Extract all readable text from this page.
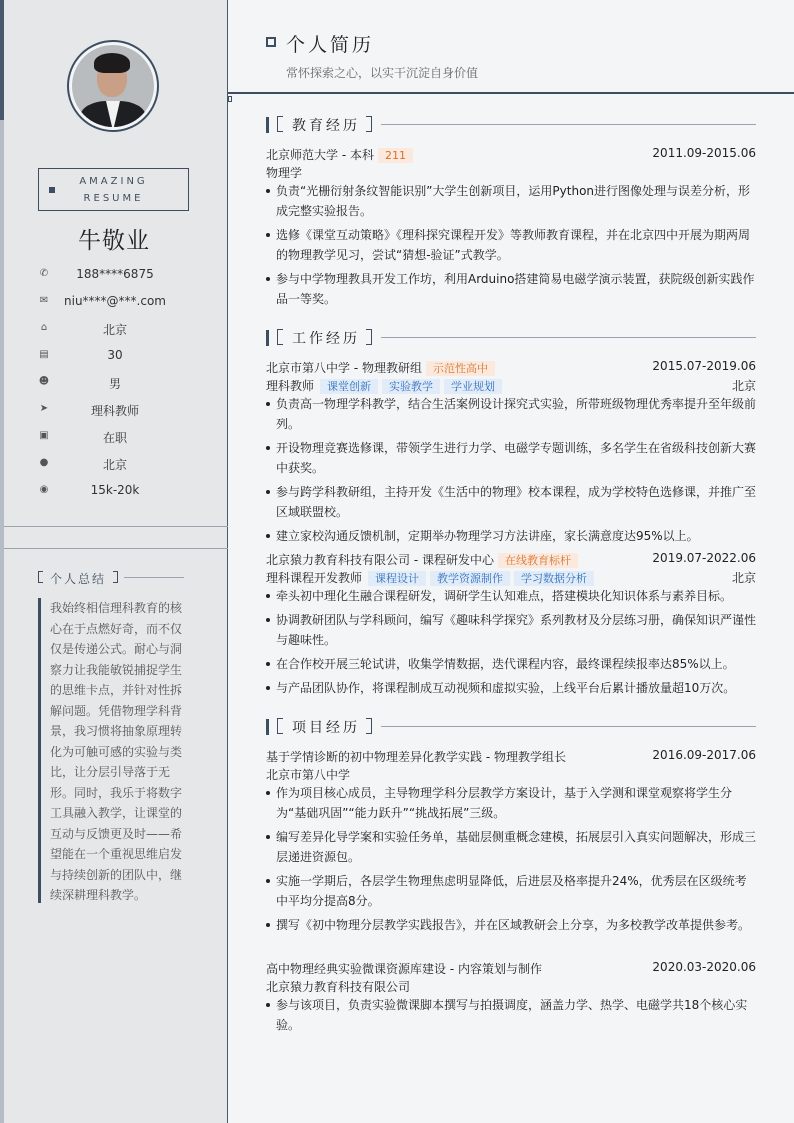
AMAZING
RESUME
牛敬业
✆	188****6875
✉	niu****@***.com
⌂	北京
▤	30
☻	男
➤	理科教师
▣	在职
●	北京
◉	15k-20k
个人总结
我始终相信理科教育的核心在于点燃好奇，而不仅仅是传递公式。耐心与洞察力让我能敏锐捕捉学生的思维卡点，并针对性拆解问题。凭借物理学科背景，我习惯将抽象原理转化为可触可感的实验与类比，让分层引导落于无形。同时，我乐于将数字工具融入教学，让课堂的互动与反馈更及时——希望能在一个重视思维启发与持续创新的团队中，继续深耕理科教学。
个人简历
常怀探索之心，以实干沉淀自身价值
教育经历
北京师范大学 - 本科 211	2011.09-2015.06
物理学
负责“光栅衍射条纹智能识别”大学生创新项目，运用Python进行图像处理与误差分析，形成完整实验报告。
选修《课堂互动策略》《理科探究课程开发》等教师教育课程，并在北京四中开展为期两周的物理教学见习，尝试“猜想-验证”式教学。
参与中学物理教具开发工作坊，利用Arduino搭建简易电磁学演示装置，获院级创新实践作品一等奖。
工作经历
北京市第八中学 - 物理教研组 示范性高中	2015.07-2019.06
理科教师 课堂创新 实验教学 学业规划	北京
负责高一物理学科教学，结合生活案例设计探究式实验，所带班级物理优秀率提升至年级前列。
开设物理竞赛选修课，带领学生进行力学、电磁学专题训练，多名学生在省级科技创新大赛中获奖。
参与跨学科教研组，主持开发《生活中的物理》校本课程，成为学校特色选修课，并推广至区域联盟校。
建立家校沟通反馈机制，定期举办物理学习方法讲座，家长满意度达95%以上。
北京猿力教育科技有限公司 - 课程研发中心 在线教育标杆	2019.07-2022.06
理科课程开发教师 课程设计 教学资源制作 学习数据分析	北京
牵头初中理化生融合课程研发，调研学生认知难点，搭建模块化知识体系与素养目标。
协调教研团队与学科顾问，编写《趣味科学探究》系列教材及分层练习册，确保知识严谨性与趣味性。
在合作校开展三轮试讲，收集学情数据，迭代课程内容，最终课程续报率达85%以上。
与产品团队协作，将课程制成互动视频和虚拟实验，上线平台后累计播放量超10万次。
项目经历
基于学情诊断的初中物理差异化教学实践 - 物理教学组长	2016.09-2017.06
北京市第八中学
作为项目核心成员，主导物理学科分层教学方案设计，基于入学测和课堂观察将学生分为“基础巩固”“能力跃升”“挑战拓展”三级。
编写差异化导学案和实验任务单，基础层侧重概念建模，拓展层引入真实问题解决，形成三层递进资源包。
实施一学期后，各层学生物理焦虑明显降低，后进层及格率提升24%，优秀层在区级统考中平均分提高8分。
撰写《初中物理分层教学实践报告》，并在区域教研会上分享，为多校教学改革提供参考。
高中物理经典实验微课资源库建设 - 内容策划与制作	2020.03-2020.06
北京猿力教育科技有限公司
参与该项目，负责实验微课脚本撰写与拍摄调度，涵盖力学、热学、电磁学共18个核心实验。
